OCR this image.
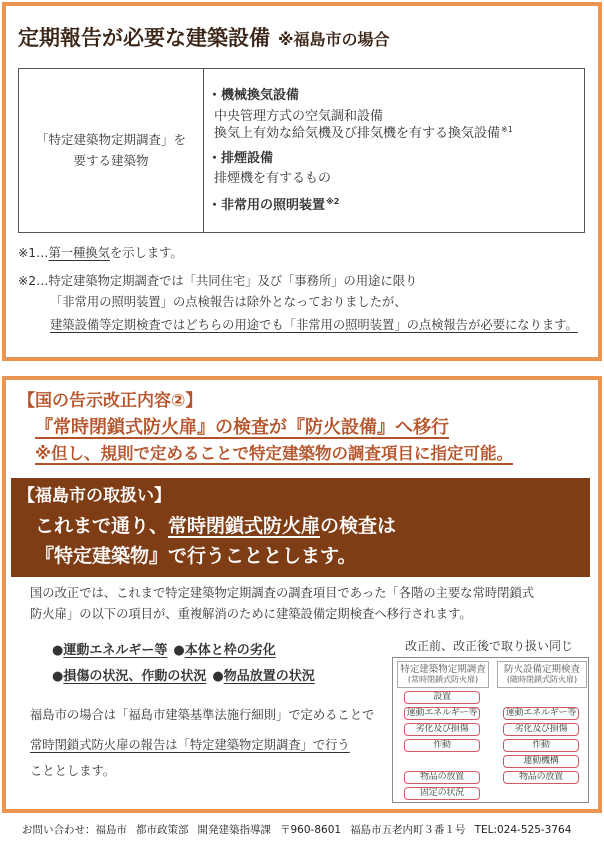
定期報告が必要な建築設備 ※福島市の場合
「特定建築物定期調査」を
要する建築物
・機械換気設備
中央管理方式の空気調和設備
換気上有効な給気機及び排気機を有する換気設備$^{※1}$
・排煙設備
排煙機を有するもの
・非常用の照明装置$^{※2}$
※1…第一種換気を示します。
※2…特定建築物定期調査では「共同住宅」及び「事務所」の用途に限り
「非常用の照明装置」の点検報告は除外となっておりましたが、
建築設備等定期検査ではどちらの用途でも「非常用の照明装置」の点検報告が必要になります。
【国の告示改正内容②】
『常時閉鎖式防火扉』の検査が『防火設備』へ移行
※但し、規則で定めることで特定建築物の調査項目に指定可能。
【福島市の取扱い】
これまで通り、常時閉鎖式防火扉の検査は
『特定建築物』で行うこととします。
国の改正では、これまで特定建築物定期調査の調査項目であった「各階の主要な常時閉鎖式
防火扉」の以下の項目が、重複解消のために建築設備定期検査へ移行されます。
●運動エネルギー等 ●本体と枠の劣化
●損傷の状況、作動の状況 ●物品放置の状況
福島市の場合は「福島市建築基準法施行細則」で定めることで
常時閉鎖式防火扉の報告は「特定建築物定期調査」で行う
こととします。
改正前、改正後で取り扱い同じ
特定建築物定期調査
(常時閉鎖式防火扉)
防火設備定期検査
(随時閉鎖式防火扉)
設置
運動エネルギー等
劣化及び損傷
作動
物品の放置
固定の状況
運動エネルギー等
劣化及び損傷
作動
連動機構
物品の放置
お問い合わせ：福島市 都市政策部 開発建築指導課 〒960-8601 福島市五老内町３番１号 TEL:024-525-3764
